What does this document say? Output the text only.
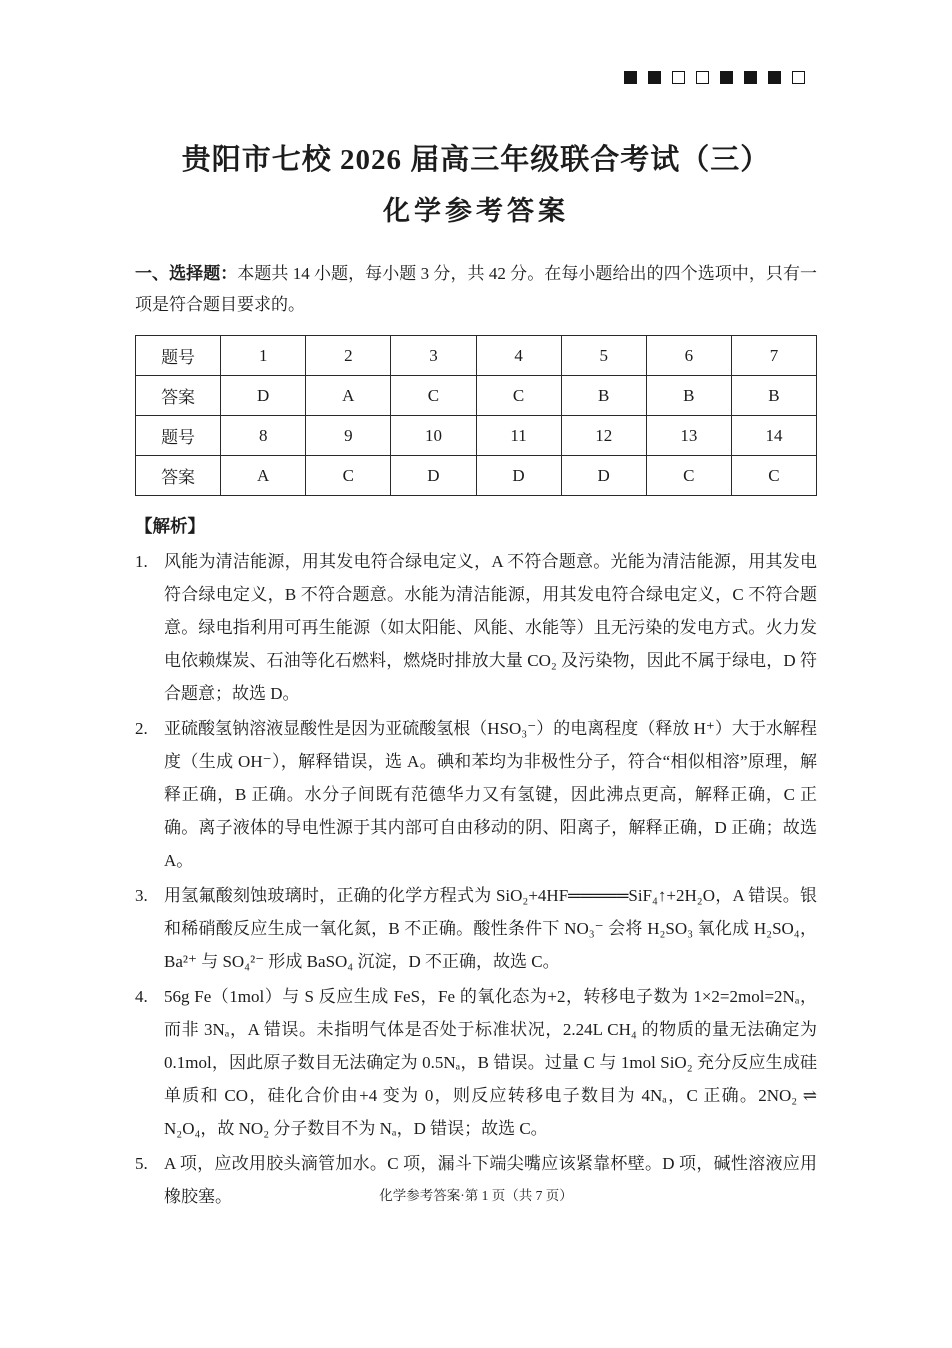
贵阳市七校 2026 届高三年级联合考试（三）
化学参考答案

一、选择题：本题共 14 小题，每小题 3 分，共 42 分。在每小题给出的四个选项中，只有一项是符合题目要求的。

题号	1	2	3	4	5	6	7
答案	D	A	C	C	B	B	B
题号	8	9	10	11	12	13	14
答案	A	C	D	D	D	C	C

【解析】

1. 风能为清洁能源，用其发电符合绿电定义，A 不符合题意。光能为清洁能源，用其发电符合绿电定义，B 不符合题意。水能为清洁能源，用其发电符合绿电定义，C 不符合题意。绿电指利用可再生能源（如太阳能、风能、水能等）且无污染的发电方式。火力发电依赖煤炭、石油等化石燃料，燃烧时排放大量 CO₂ 及污染物，因此不属于绿电，D 符合题意；故选 D。
2. 亚硫酸氢钠溶液显酸性是因为亚硫酸氢根（HSO₃⁻）的电离程度（释放 H⁺）大于水解程度（生成 OH⁻），解释错误，选 A。碘和苯均为非极性分子，符合“相似相溶”原理，解释正确，B 正确。水分子间既有范德华力又有氢键，因此沸点更高，解释正确，C 正确。离子液体的导电性源于其内部可自由移动的阴、阳离子，解释正确，D 正确；故选 A。
3. 用氢氟酸刻蚀玻璃时，正确的化学方程式为 SiO₂+4HF═════SiF₄↑+2H₂O，A 错误。银和稀硝酸反应生成一氧化氮，B 不正确。酸性条件下 NO₃⁻ 会将 H₂SO₃ 氧化成 H₂SO₄，Ba²⁺ 与 SO₄²⁻ 形成 BaSO₄ 沉淀，D 不正确，故选 C。
4. 56g Fe（1mol）与 S 反应生成 FeS，Fe 的氧化态为+2，转移电子数为 1×2=2mol=2Nₐ，而非 3Nₐ，A 错误。未指明气体是否处于标准状况，2.24L CH₄ 的物质的量无法确定为 0.1mol，因此原子数目无法确定为 0.5Nₐ，B 错误。过量 C 与 1mol SiO₂ 充分反应生成硅单质和 CO，硅化合价由+4 变为 0，则反应转移电子数目为 4Nₐ，C 正确。2NO₂ ⇌ N₂O₄，故 NO₂ 分子数目不为 Nₐ，D 错误；故选 C。
5. A 项，应改用胶头滴管加水。C 项，漏斗下端尖嘴应该紧靠杯壁。D 项，碱性溶液应用橡胶塞。	化学参考答案·第 1 页（共 7 页）
